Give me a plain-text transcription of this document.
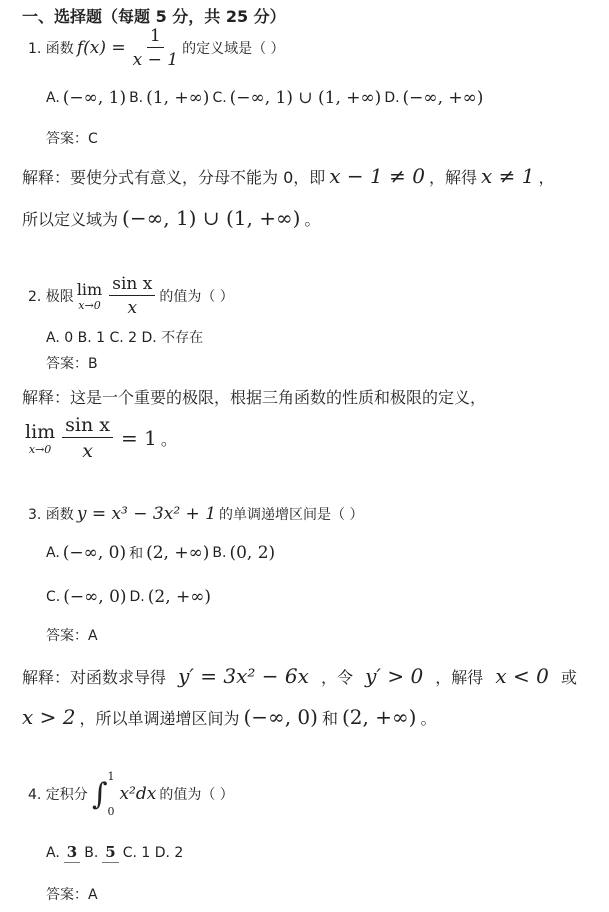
一、选择题（每题 5 分，共 25 分）
1. 函数 $f(x) = \frac{1}{x - 1}$ 的定义域是（ ）
A. (−∞, 1) B. (1, +∞) C. (−∞, 1) ∪ (1, +∞) D. (−∞, +∞)
答案：C
解释：要使分式有意义，分母不能为 0，即 x − 1 ≠ 0 ，解得 x ≠ 1 ，
所以定义域为 (−∞, 1) ∪ (1, +∞) 。
2. 极限 lim
$x\to 0 \frac{\text{sin x}}{x}$ 的值为（ ）
A. 0 B. 1 C. 2 D. 不存在
答案：B
解释：这是一个重要的极限，根据三角函数的性质和极限的定义，
lim
$x\to 0 \frac{\text{sin x}}{x} = 1$ 。
3. 函数 y = x³ − 3x² + 1 的单调递增区间是（ ）
A. (−∞, 0) 和 (2, +∞) B. (0, 2)
C. (−∞, 0) D. (2, +∞)
答案：A
解释：对函数求导得 y′ = 3x² − 6x ，令 y′ > 0 ，解得 x < 0 或
x > 2 ，所以单调递增区间为 (−∞, 0) 和 (2, +∞) 。
4. 定积分 ∫ 1
0
x²dx 的值为（ ）
A. 3 B. 5 C. 1 D. 2
答案：A
